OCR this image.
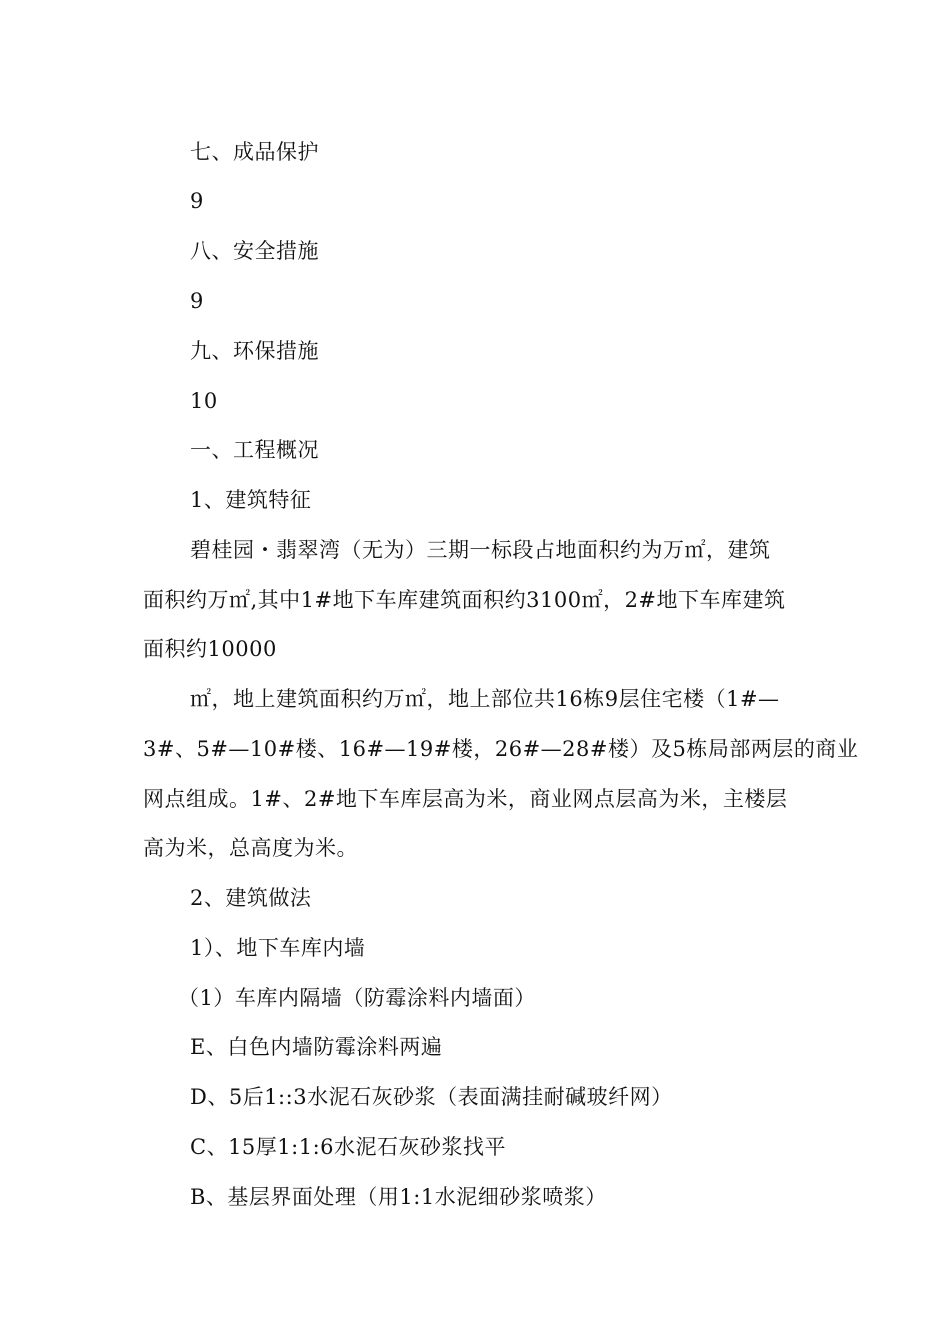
七、成品保护
9
八、安全措施
9
九、环保措施
10
一、工程概况
1、建筑特征
碧桂园・翡翠湾（无为）三期一标段占地面积约为万㎡，建筑
面积约万㎡,其中1#地下车库建筑面积约3100㎡，2#地下车库建筑
面积约10000
㎡，地上建筑面积约万㎡，地上部位共16栋9层住宅楼（1#—
3#、5#—10#楼、16#—19#楼，26#—28#楼）及5栋局部两层的商业
网点组成。1#、2#地下车库层高为米，商业网点层高为米，主楼层
高为米，总高度为米。
2、建筑做法
1）、地下车库内墙
（1）车库内隔墙（防霉涂料内墙面）
E、白色内墙防霉涂料两遍
D、5后1::3水泥石灰砂浆（表面满挂耐碱玻纤网）
C、15厚1:1:6水泥石灰砂浆找平
B、基层界面处理（用1:1水泥细砂浆喷浆）
